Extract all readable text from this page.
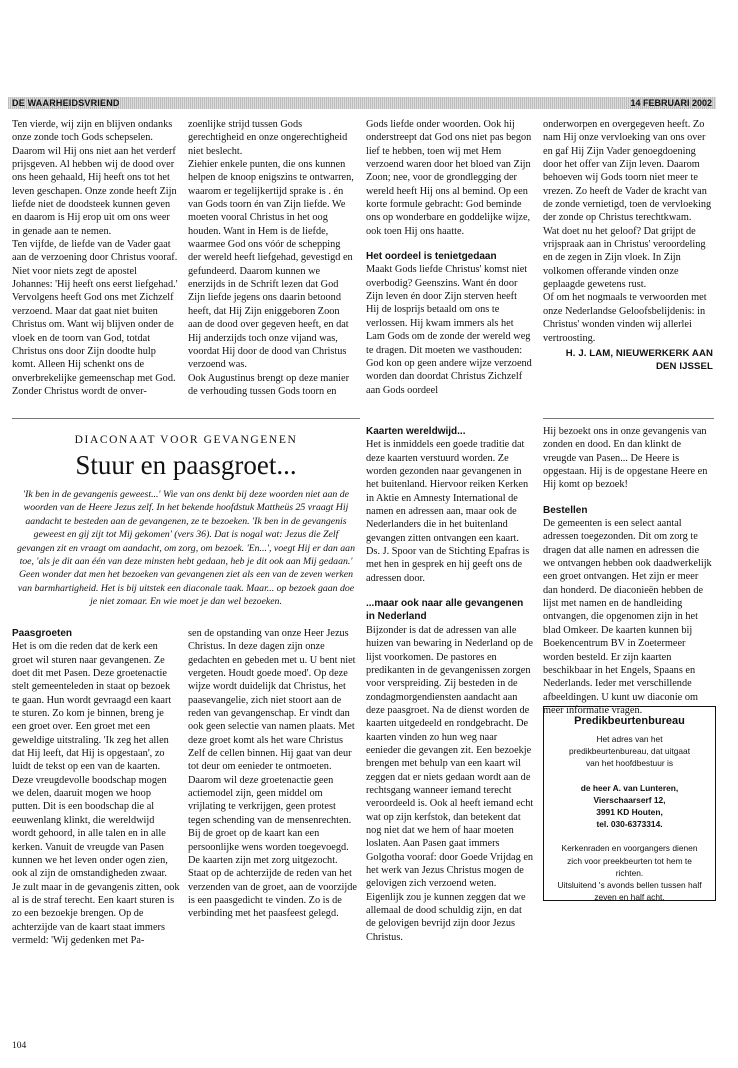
DE WAARHEIDSVRIEND	14 FEBRUARI 2002

Ten vierde, wij zijn en blijven ondanks onze zonde toch Gods schepselen. Daarom wil Hij ons niet aan het verderf prijsgeven. Al hebben wij de dood over ons heen gehaald, Hij heeft ons tot het leven geschapen. Onze zonde heeft Zijn liefde niet de doodsteek kunnen geven en daarom is Hij erop uit om ons weer in genade aan te nemen.

Ten vijfde, de liefde van de Vader gaat aan de verzoening door Christus vooraf. Niet voor niets zegt de apostel Johannes: 'Hij heeft ons eerst liefgehad.' Vervolgens heeft God ons met Zichzelf verzoend. Maar dat gaat niet buiten Christus om. Want wij blijven onder de vloek en de toorn van God, totdat Christus ons door Zijn doodte hulp komt. Alleen Hij schenkt ons de onverbrekelijke gemeenschap met God. Zonder Christus wordt de onver-

zoenlijke strijd tussen Gods gerechtigheid en onze ongerechtigheid niet beslecht.

Ziehier enkele punten, die ons kunnen helpen de knoop enigszins te ontwarren, waarom er tegelijkertijd sprake is . én van Gods toorn én van Zijn liefde. We moeten vooral Christus in het oog houden. Want in Hem is de liefde, waarmee God ons vóór de schepping der wereld heeft liefgehad, gevestigd en gefundeerd. Daarom kunnen we enerzijds in de Schrift lezen dat God Zijn liefde jegens ons daarin betoond heeft, dat Hij Zijn eniggeboren Zoon aan de dood over gegeven heeft, en dat Hij anderzijds toch onze vijand was, voordat Hij door de dood van Christus verzoend was.

Ook Augustinus brengt op deze manier de verhouding tussen Gods toorn en

Gods liefde onder woorden. Ook hij onderstreept dat God ons niet pas begon lief te hebben, toen wij met Hem verzoend waren door het bloed van Zijn Zoon; nee, voor de grondlegging der wereld heeft Hij ons al bemind. Op een korte formule gebracht: God beminde ons op wonderbare en goddelijke wijze, ook toen Hij ons haatte.

Het oordeel is tenietgedaan

Maakt Gods liefde Christus' komst niet overbodig? Geenszins. Want én door Zijn leven én door Zijn sterven heeft Hij de losprijs betaald om ons te verlossen. Hij kwam immers als het Lam Gods om de zonde der wereld weg te dragen. Dit moeten we vasthouden: God kon op geen andere wijze verzoend worden dan doordat Christus Zichzelf aan Gods oordeel

onderworpen en overgegeven heeft. Zo nam Hij onze vervloeking van ons over en gaf Hij Zijn Vader genoegdoening door het offer van Zijn leven. Daarom behoeven wij Gods toorn niet meer te vrezen. Zo heeft de Vader de kracht van de zonde vernietigd, toen de vervloeking der zonde op Christus terechtkwam.

Wat doet nu het geloof? Dat grijpt de vrijspraak aan in Christus' veroordeling en de zegen in Zijn vloek. In Zijn volkomen offerande vinden onze geplaagde gewetens rust.

Of om het nogmaals te verwoorden met onze Nederlandse Geloofsbelijdenis: in Christus' wonden vinden wij allerlei vertroosting.

H. J. LAM, NIEUWERKERK AAN DEN IJSSEL

DIACONAAT VOOR GEVANGENEN
Stuur en paasgroet...
'Ik ben in de gevangenis geweest...' Wie van ons denkt bij deze woorden niet aan de woorden van de Heere Jezus zelf. In het bekende hoofdstuk Mattheüs 25 vraagt Hij aandacht te besteden aan de gevangenen, ze te bezoeken. 'Ik ben in de gevangenis geweest en gij zijt tot Mij gekomen' (vers 36). Dat is nogal wat: Jezus die Zelf gevangen zit en vraagt om aandacht, om zorg, om bezoek. 'En...', voegt Hij er dan aan toe, 'als je dit aan één van deze minsten hebt gedaan, heb je dit ook aan Mij gedaan.' Geen wonder dat men het bezoeken van gevangenen ziet als een van de zeven werken van barmhartigheid. Het is bij uitstek een diaconale taak. Maar... op bezoek gaan doe je niet zomaar. En wie moet je dan wel bezoeken.

Paasgroeten

Het is om die reden dat de kerk een groet wil sturen naar gevangenen. Ze doet dit met Pasen. Deze groetenactie stelt gemeenteleden in staat op bezoek te gaan. Hun wordt gevraagd een kaart te sturen. Zo kom je binnen, breng je een groet over. Een groet met een geweldige uitstraling. 'Ik zeg het allen dat Hij leeft, dat Hij is opgestaan', zo luidt de tekst op een van de kaarten. Deze vreugdevolle boodschap mogen we delen, daaruit mogen we hoop putten. Dit is een boodschap die al eeuwenlang klinkt, die wereldwijd wordt gehoord, in alle talen en in alle kerken. Vanuit de vreugde van Pasen kunnen we het leven onder ogen zien, ook al zijn de omstandigheden zwaar.

Je zult maar in de gevangenis zitten, ook al is de straf terecht. Een kaart sturen is zo een bezoekje brengen. Op de achterzijde van de kaart staat immers vermeld: 'Wij gedenken met Pa-

sen de opstanding van onze Heer Jezus Christus. In deze dagen zijn onze gedachten en gebeden met u. U bent niet vergeten. Houdt goede moed'. Op deze wijze wordt duidelijk dat Christus, het paasevangelie, zich niet stoort aan de reden van gevangenschap. Er vindt dan ook geen selectie van namen plaats. Met deze groet komt als het ware Christus Zelf de cellen binnen. Hij gaat van deur tot deur om eenieder te ontmoeten. Daarom wil deze groetenactie geen actiemodel zijn, geen middel om vrijlating te verkrijgen, geen protest tegen schending van de mensenrechten. Bij de groet op de kaart kan een persoonlijke wens worden toegevoegd. De kaarten zijn met zorg uitgezocht. Staat op de achterzijde de reden van het verzenden van de groet, aan de voorzijde is een paasgedicht te vinden. Zo is de verbinding met het paasfeest gelegd.

Kaarten wereldwijd...

Het is inmiddels een goede traditie dat deze kaarten verstuurd worden. Ze worden gezonden naar gevangenen in het buitenland. Hiervoor reiken Kerken in Aktie en Amnesty International de namen en adressen aan, maar ook de Nederlanders die in het buitenland gevangen zitten ontvangen een kaart. Ds. J. Spoor van de Stichting Epafras is met hen in gesprek en hij geeft ons de adressen door.

...maar ook naar alle gevangenen in Nederland

Bijzonder is dat de adressen van alle huizen van bewaring in Nederland op de lijst voorkomen. De pastores en predikanten in de gevangenissen zorgen voor verspreiding. Zij besteden in de zondagmorgendiensten aandacht aan deze paasgroet. Na de dienst worden de kaarten uitgedeeld en rondgebracht. De kaarten vinden zo hun weg naar eenieder die gevangen zit. Een bezoekje brengen met behulp van een kaart wil zeggen dat er niets gedaan wordt aan de rechtsgang wanneer iemand terecht veroordeeld is. Ook al heeft iemand echt wat op zijn kerfstok, dan betekent dat nog niet dat we hem of haar moeten loslaten. Aan Pasen gaat immers Golgotha vooraf: door Goede Vrijdag en het werk van Jezus Christus mogen de gelovigen zich verzoend weten. Eigenlijk zou je kunnen zeggen dat we allemaal de dood schuldig zijn, en dat de gelovigen bevrijd zijn door Jezus Christus.

Hij bezoekt ons in onze gevangenis van zonden en dood. En dan klinkt de vreugde van Pasen... De Heere is opgestaan. Hij is de opgestane Heere en Hij komt op bezoek!

Bestellen

De gemeenten is een select aantal adressen toegezonden. Dit om zorg te dragen dat alle namen en adressen die we ontvangen hebben ook daadwerkelijk een groet ontvangen. Het zijn er meer dan honderd. De diaconieën hebben de lijst met namen en de handleiding ontvangen, die opgenomen zijn in het blad Omkeer. De kaarten kunnen bij Boekencentrum BV in Zoetermeer worden besteld. Er zijn kaarten beschikbaar in het Engels, Spaans en Nederlands. Ieder met verschillende afbeeldingen. U kunt uw diaconie om meer informatie vragen.

Predikbeurtenbureau
Het adres van het predikbeurtenbureau, dat uitgaat van het hoofdbestuur is
de heer A. van Lunteren,
Vierschaarserf 12,
3991 KD Houten,
tel. 030-6373314.
Kerkenraden en voorgangers dienen zich voor preekbeurten tot hem te richten.
Uitsluitend 's avonds bellen tussen half zeven en half acht.
104
